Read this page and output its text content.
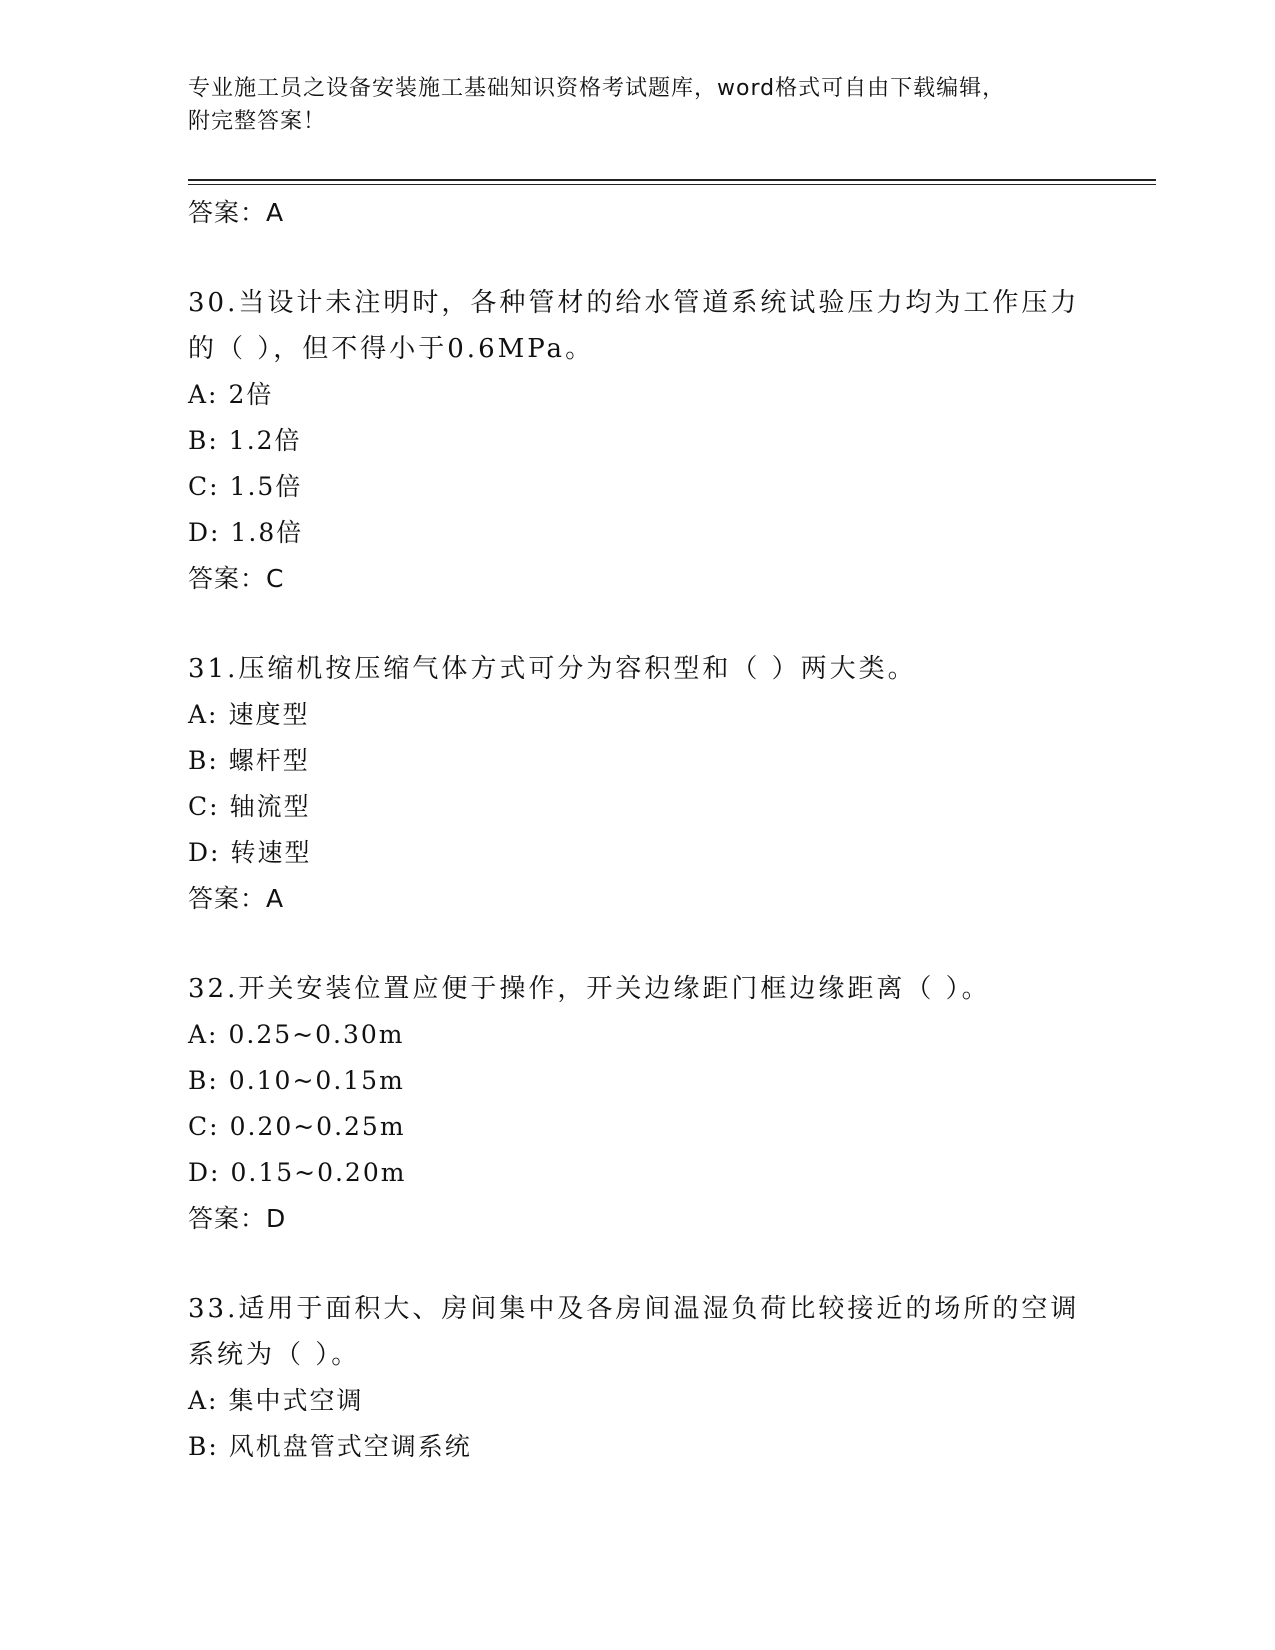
专业施工员之设备安装施工基础知识资格考试题库，word格式可自由下载编辑，
附完整答案！
答案：A
30.当设计未注明时，各种管材的给水管道系统试验压力均为工作压力的（ ），但不得小于0.6MPa。
A: 2倍
B: 1.2倍
C: 1.5倍
D: 1.8倍
答案：C
31.压缩机按压缩气体方式可分为容积型和（ ）两大类。
A: 速度型
B: 螺杆型
C: 轴流型
D: 转速型
答案：A
32.开关安装位置应便于操作，开关边缘距门框边缘距离（ ）。
A: 0.25~0.30m
B: 0.10~0.15m
C: 0.20~0.25m
D: 0.15~0.20m
答案：D
33.适用于面积大、房间集中及各房间温湿负荷比较接近的场所的空调系统为（ ）。
A: 集中式空调
B: 风机盘管式空调系统
